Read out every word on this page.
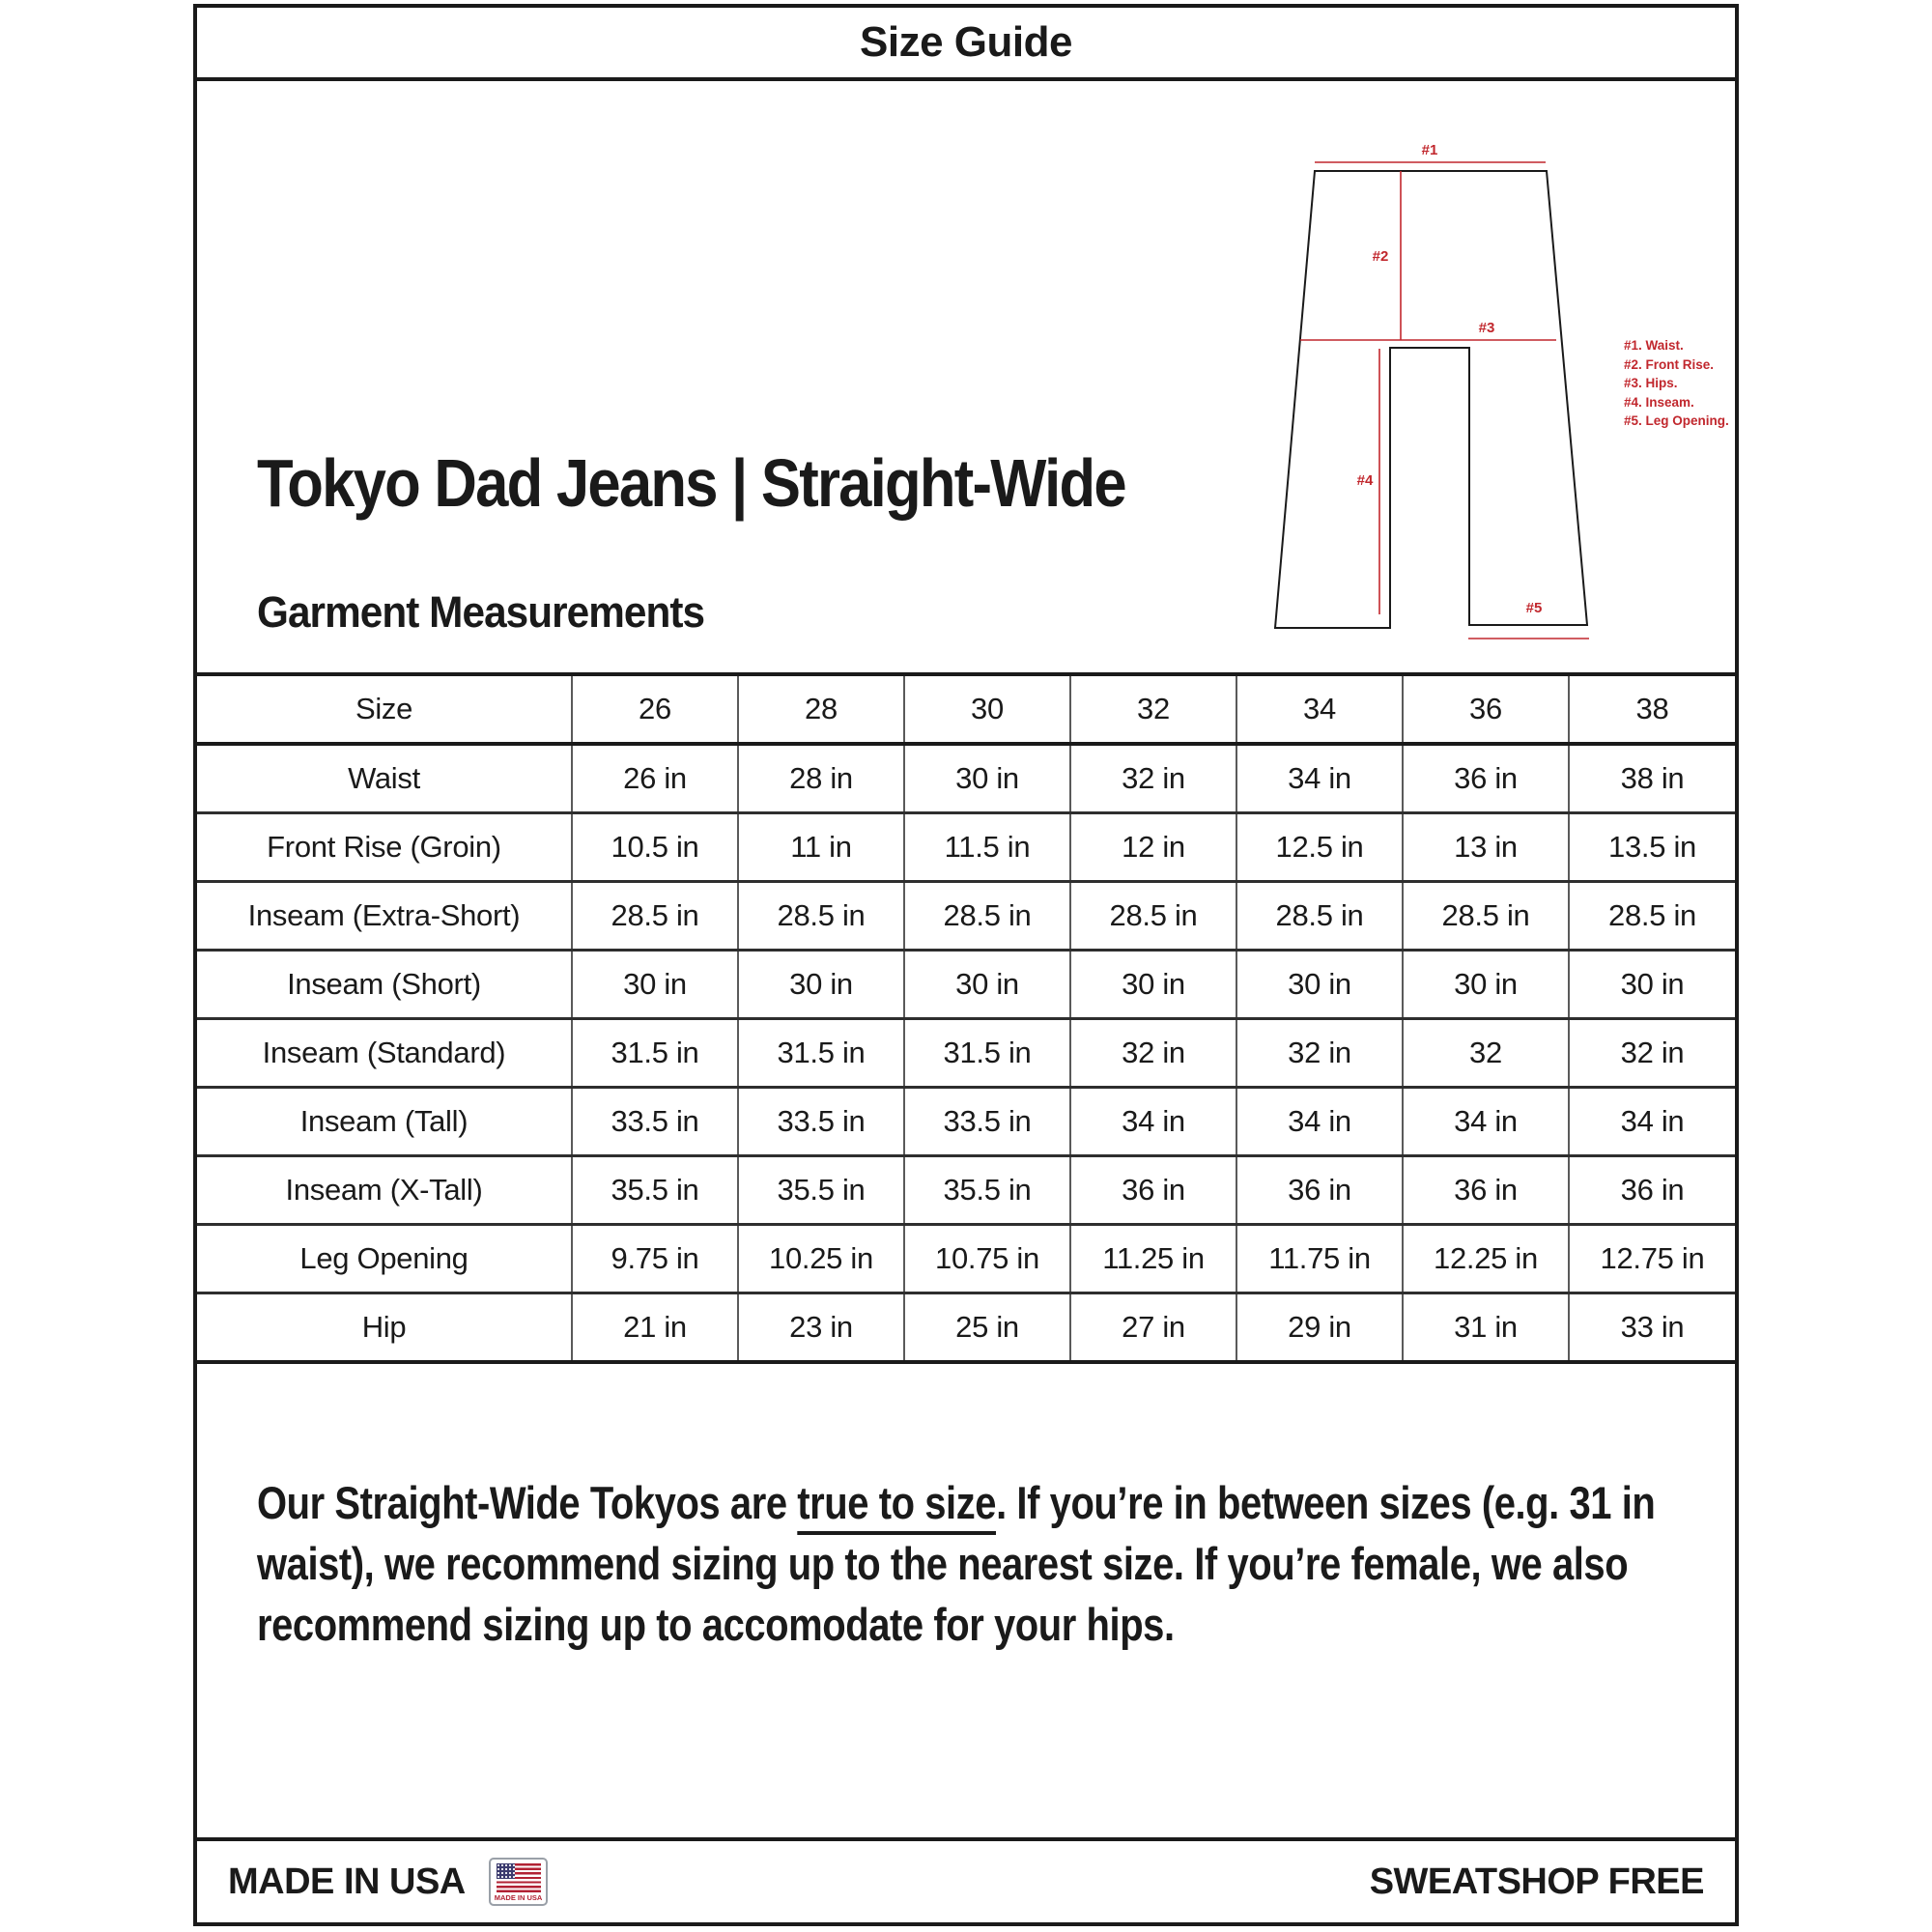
Size Guide
#1
#2
#3
#4
#5
#1. Waist.
#2. Front Rise.
#3. Hips.
#4. Inseam.
#5. Leg Opening.
Tokyo Dad Jeans | Straight-Wide
Garment Measurements
Size	26	28	30	32	34	36	38
Waist	26 in	28 in	30 in	32 in	34 in	36 in	38 in
Front Rise (Groin)	10.5 in	11 in	11.5 in	12 in	12.5 in	13 in	13.5 in
Inseam (Extra-Short)	28.5 in	28.5 in	28.5 in	28.5 in	28.5 in	28.5 in	28.5 in
Inseam (Short)	30 in	30 in	30 in	30 in	30 in	30 in	30 in
Inseam (Standard)	31.5 in	31.5 in	31.5 in	32 in	32 in	32	32 in
Inseam (Tall)	33.5 in	33.5 in	33.5 in	34 in	34 in	34 in	34 in
Inseam (X-Tall)	35.5 in	35.5 in	35.5 in	36 in	36 in	36 in	36 in
Leg Opening	9.75 in	10.25 in	10.75 in	11.25 in	11.75 in	12.25 in	12.75 in
Hip	21 in	23 in	25 in	27 in	29 in	31 in	33 in

Our Straight-Wide Tokyos are true to size. If you’re in between sizes (e.g. 31 in waist), we recommend sizing up to the nearest size. If you’re female, we also recommend sizing up to accomodate for your hips.

MADE IN USA	MADE IN USA	SWEATSHOP FREE
